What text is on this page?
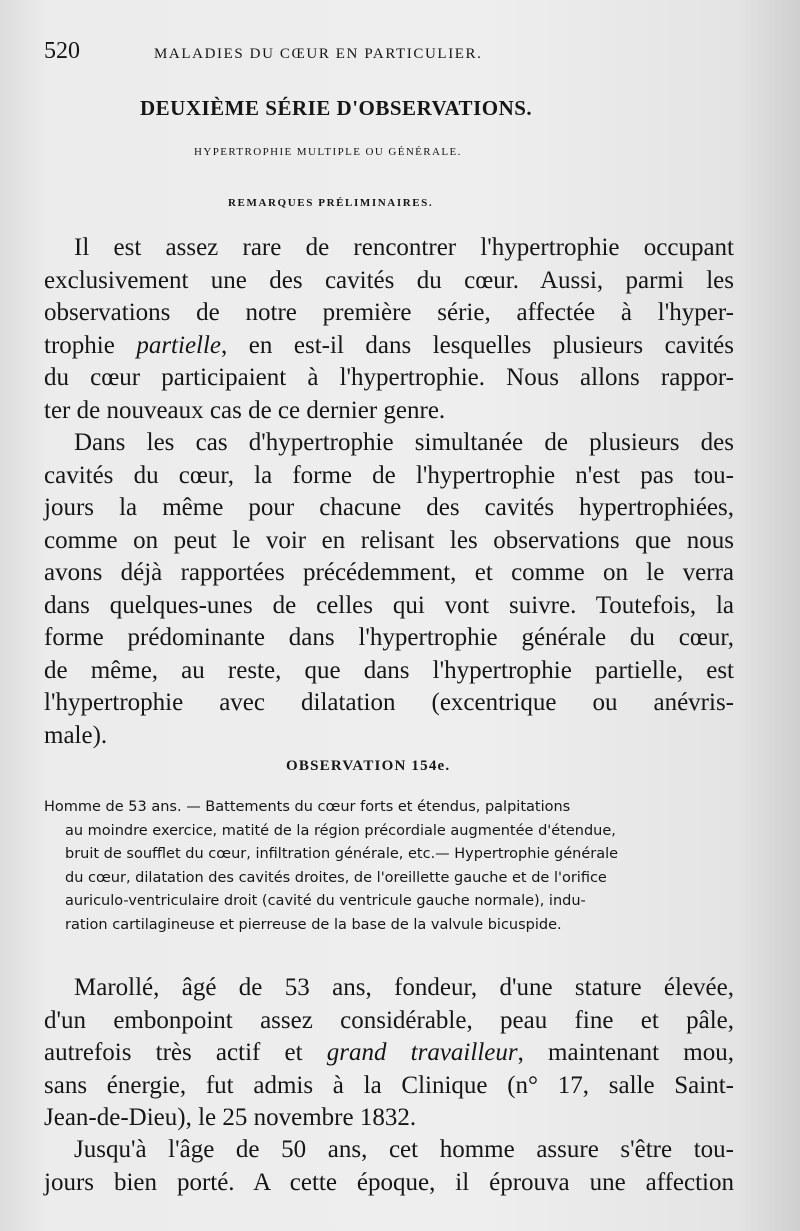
520	MALADIES DU CŒUR EN PARTICULIER.
DEUXIÈME SÉRIE D'OBSERVATIONS.
HYPERTROPHIE MULTIPLE OU GÉNÉRALE.
REMARQUES PRÉLIMINAIRES.
Il est assez rare de rencontrer l'hypertrophie occupant
exclusivement une des cavités du cœur. Aussi, parmi les
observations de notre première série, affectée à l'hyper-
trophie partielle, en est-il dans lesquelles plusieurs cavités
du cœur participaient à l'hypertrophie. Nous allons rappor-
ter de nouveaux cas de ce dernier genre.
Dans les cas d'hypertrophie simultanée de plusieurs des
cavités du cœur, la forme de l'hypertrophie n'est pas tou-
jours la même pour chacune des cavités hypertrophiées,
comme on peut le voir en relisant les observations que nous
avons déjà rapportées précédemment, et comme on le verra
dans quelques-unes de celles qui vont suivre. Toutefois, la
forme prédominante dans l'hypertrophie générale du cœur,
de même, au reste, que dans l'hypertrophie partielle, est
l'hypertrophie avec dilatation (excentrique ou anévris-
male).
OBSERVATION 154e.
Homme de 53 ans. — Battements du cœur forts et étendus, palpitations
au moindre exercice, matité de la région précordiale augmentée d'étendue,
bruit de soufflet du cœur, infiltration générale, etc.— Hypertrophie générale
du cœur, dilatation des cavités droites, de l'oreillette gauche et de l'orifice
auriculo-ventriculaire droit (cavité du ventricule gauche normale), indu-
ration cartilagineuse et pierreuse de la base de la valvule bicuspide.
Marollé, âgé de 53 ans, fondeur, d'une stature élevée,
d'un embonpoint assez considérable, peau fine et pâle,
autrefois très actif et grand travailleur, maintenant mou,
sans énergie, fut admis à la Clinique (n° 17, salle Saint-
Jean-de-Dieu), le 25 novembre 1832.
Jusqu'à l'âge de 50 ans, cet homme assure s'être tou-
jours bien porté. A cette époque, il éprouva une affection
